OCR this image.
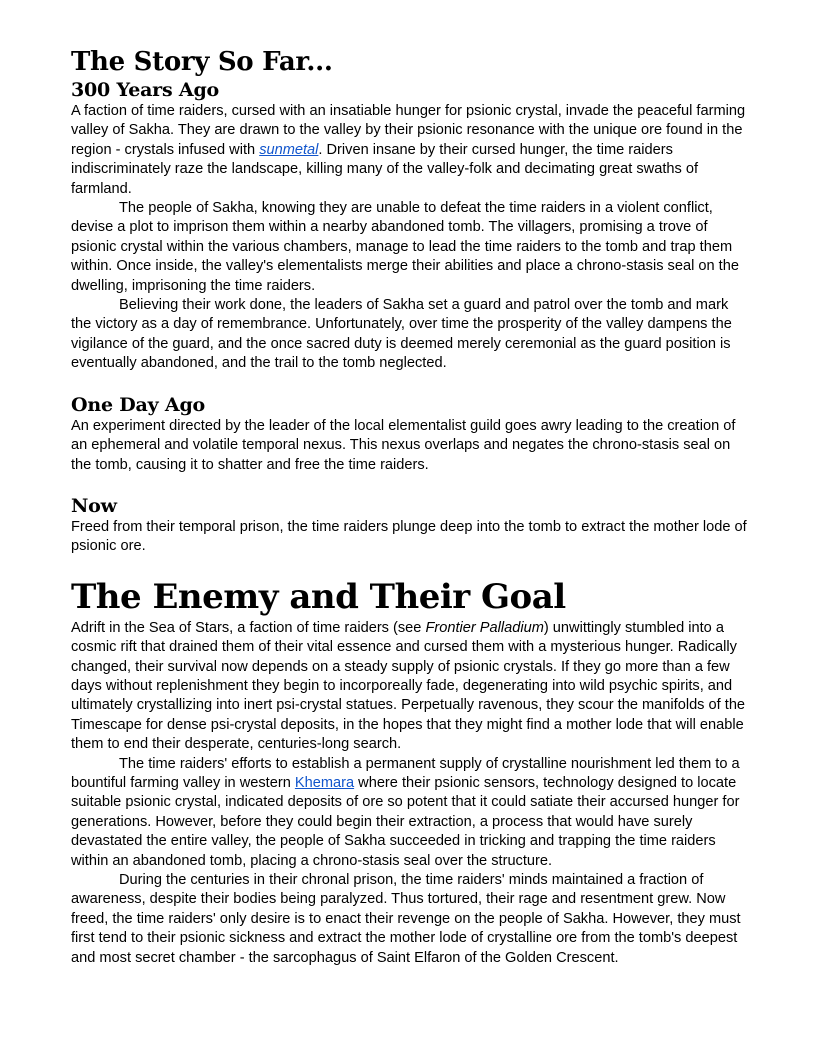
The Story So Far...
300 Years Ago

A faction of time raiders, cursed with an insatiable hunger for psionic crystal, invade the peaceful farming valley of Sakha. They are drawn to the valley by their psionic resonance with the unique ore found in the region - crystals infused with sunmetal. Driven insane by their cursed hunger, the time raiders indiscriminately raze the landscape, killing many of the valley-folk and decimating great swaths of farmland.

The people of Sakha, knowing they are unable to defeat the time raiders in a violent conflict, devise a plot to imprison them within a nearby abandoned tomb. The villagers, promising a trove of psionic crystal within the various chambers, manage to lead the time raiders to the tomb and trap them within. Once inside, the valley's elementalists merge their abilities and place a chrono-stasis seal on the dwelling, imprisoning the time raiders.

Believing their work done, the leaders of Sakha set a guard and patrol over the tomb and mark the victory as a day of remembrance. Unfortunately, over time the prosperity of the valley dampens the vigilance of the guard, and the once sacred duty is deemed merely ceremonial as the guard position is eventually abandoned, and the trail to the tomb neglected.

One Day Ago

An experiment directed by the leader of the local elementalist guild goes awry leading to the creation of an ephemeral and volatile temporal nexus. This nexus overlaps and negates the chrono-stasis seal on the tomb, causing it to shatter and free the time raiders.

Now

Freed from their temporal prison, the time raiders plunge deep into the tomb to extract the mother lode of psionic ore.

The Enemy and Their Goal

Adrift in the Sea of Stars, a faction of time raiders (see Frontier Palladium) unwittingly stumbled into a cosmic rift that drained them of their vital essence and cursed them with a mysterious hunger. Radically changed, their survival now depends on a steady supply of psionic crystals. If they go more than a few days without replenishment they begin to incorporeally fade, degenerating into wild psychic spirits, and ultimately crystallizing into inert psi-crystal statues. Perpetually ravenous, they scour the manifolds of the Timescape for dense psi-crystal deposits, in the hopes that they might find a mother lode that will enable them to end their desperate, centuries-long search.

The time raiders' efforts to establish a permanent supply of crystalline nourishment led them to a bountiful farming valley in western Khemara where their psionic sensors, technology designed to locate suitable psionic crystal, indicated deposits of ore so potent that it could satiate their accursed hunger for generations. However, before they could begin their extraction, a process that would have surely devastated the entire valley, the people of Sakha succeeded in tricking and trapping the time raiders within an abandoned tomb, placing a chrono-stasis seal over the structure.

During the centuries in their chronal prison, the time raiders' minds maintained a fraction of awareness, despite their bodies being paralyzed. Thus tortured, their rage and resentment grew. Now freed, the time raiders' only desire is to enact their revenge on the people of Sakha. However, they must first tend to their psionic sickness and extract the mother lode of crystalline ore from the tomb's deepest and most secret chamber - the sarcophagus of Saint Elfaron of the Golden Crescent.
